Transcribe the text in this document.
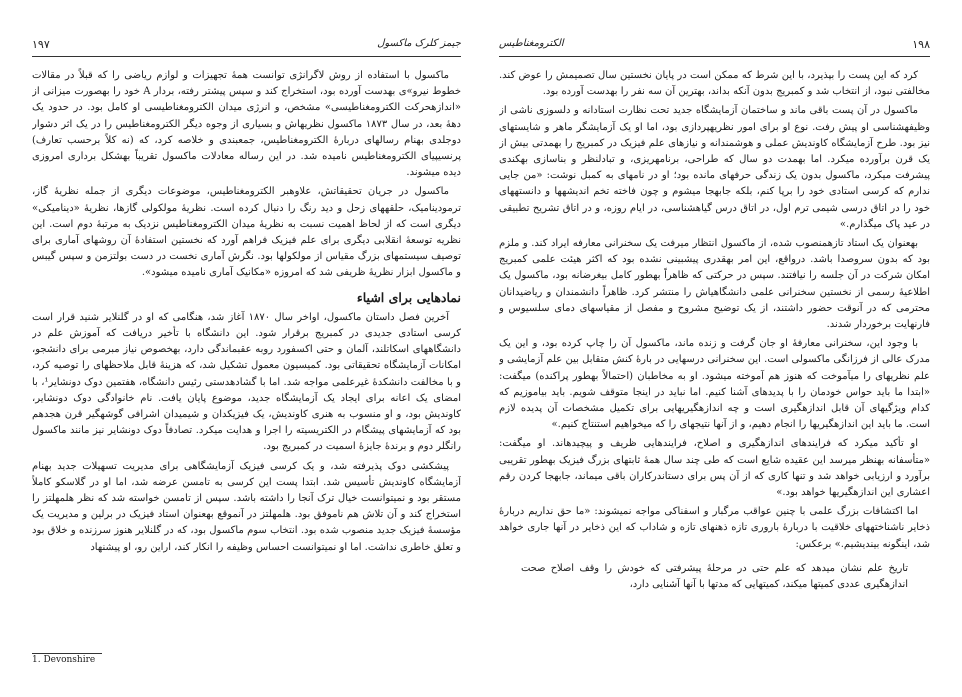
۱۹۷	جیمز کلرک ماکسول

ماکسول با استفاده از روش لاگرانژی توانست همهٔ تجهیزات و لوازم ریاضی را که قبلاً در مقالات خطوط نیرو»ی بهدست آورده بود، استخراج کند و سپس پیشتر رفته، بردار A خود را بهصورت میزانی از «اندازهحرکت الکترومغناطیسی» مشخص، و انرژی میدان الکترومغناطیسی او کامل بود. در حدود یک دههٔ بعد، در سال ۱۸۷۳ ماکسول نظریهاش و بسیاری از وجوه دیگر الکترومغناطیس را در یک اثر دشوار دوجلدی بهنام رسالهای دربارهٔ الکترومغناطیس، جمعبندی و خلاصه کرد، که (نه کلاً برحسب تعارف) پرنسیپیای الکترومغناطیس نامیده شد. در این رساله معادلات ماکسول تقریباً بهشکل برداری امروزی دیده میشوند.

ماکسول در جریان تحقیقاتش، علاوهبر الکترومغناطیس، موضوعات دیگری از جمله نظریهٔ گاز، ترمودینامیک، حلقههای زحل و دید رنگ را دنبال کرده است. نظریهٔ مولکولی گازها، نظریهٔ «دینامیکی» دیگری است که از لحاظ اهمیت نسبت به نظریهٔ میدان الکترومغناطیس نزدیک به مرتبهٔ دوم است. این نظریه توسعهٔ انقلابی دیگری برای علم فیزیک فراهم آورد که نخستین استفادهٔ آن روشهای آماری برای توصیف سیستمهای بزرگ مقیاس از مولکولها بود. نگرش آماری نخست در دست بولتزمن و سپس گیبس و ماکسول ابزار نظریهٔ ظریفی شد که امروزه «مکانیک آماری نامیده میشود».

نمادهایی برای اشیاء

آخرین فصل داستان ماکسول، اواخر سال ۱۸۷۰ آغاز شد، هنگامی که او در گلنلایر شنید قرار است کرسی استادی جدیدی در کمبریج برقرار شود. این دانشگاه با تأخیر دریافت که آموزش علم در دانشگاههای اسکاتلند، آلمان و حتی اکسفورد روبه عقبماندگی دارد، بهخصوص نیاز مبرمی برای دانشجو، امکانات آزمایشگاه تحقیقاتی بود. کمیسیون معمول تشکیل شد، که هزینهٔ قابل ملاحظهای را توصیه کرد، و با مخالفت دانشکدهٔ غیرعلمی مواجه شد. اما با گشادهدستی رئیس دانشگاه، هفتمین دوک دونشایر¹، با امضای یک اعانه برای ایجاد یک آزمایشگاه جدید، موضوع پایان یافت. نام خانوادگی دوک دونشایر، کاوندیش بود، و او منسوب به هنری کاوندیش، یک فیزیکدان و شیمیدان اشرافی گوشهگیر قرن هجدهم بود که آزمایشهای پیشگام در الکتریسیته را اجرا و هدایت میکرد. تصادفاً دوک دونشایر نیز مانند ماکسول رانگلر دوم و برندهٔ جایزهٔ اسمیت در کمبریج بود.

پیشکشی دوک پذیرفته شد، و یک کرسی فیزیک آزمایشگاهی برای مدیریت تسهیلات جدید بهنام آزمایشگاه کاوندیش تأسیس شد. ابتدا پست این کرسی به تامسن عرضه شد، اما او در گلاسکو کاملاً مستقر بود و نمیتوانست خیال ترک آنجا را داشته باشد. سپس از تامسن خواسته شد که نظر هلمهلتز را استخراج کند و آن تلاش هم ناموفق بود. هلمهلتز در آنموقع بهعنوان استاد فیزیک در برلین و مدیریت یک مؤسسهٔ فیزیک جدید منصوب شده بود. انتخاب سوم ماکسول بود، که در گلنلایر هنوز سرزنده و خلاق بود و تعلق خاطری نداشت. اما او نمیتوانست احساس وظیفه را انکار کند، اراین رو، او پیشنهاد

1. Devonshire
الکترومغناطیس	۱۹۸

کرد که این پست را بپذیرد، با این شرط که ممکن است در پایان نخستین سال تصمیمش را عوض کند. مخالفتی نبود، از انتخاب شد و کمبریج بدون آنکه بداند، بهترین آن سه نفر را بهدست آورده بود.

ماکسول در آن پست باقی ماند و ساختمان آزمایشگاه جدید تحت نظارت استادانه و دلسوزی ناشی از وظیفهشناسی او پیش رفت. نوع او برای امور نظریهپردازی بود، اما او یک آزمایشگر ماهر و شایستهای نیز بود. طرح آزمایشگاه کاوندیش عملی و هوشمندانه و نیازهای علم فیزیک در کمبریج را بهمدتی بیش از یک قرن برآورده میکرد. اما بهمدت دو سال که طراحی، برنامهریزی، و تبادلنظر و بناسازی بهکندی پیشرفت میکرد، ماکسول بدون یک زندگی حرفهای مانده بود؛ او در نامهای به کمبل نوشت: «من جایی ندارم که کرسی استادی خود را برپا کنم، بلکه جابهجا میشوم و چون فاخته تخم اندیشهها و دانستههای خود را در اتاق درسی شیمی ترم اول، در اتاق درس گیاهشناسی، در ایام روزه، و در اتاق تشریح تطبیقی در عید پاک میگذارم.»

بهعنوان یک استاد تازهمنصوب شده، از ماکسول انتظار میرفت یک سخنرانی معارفه ایراد کند. و ملزم بود که بدون سروصدا باشد. درواقع، این امر بهقدری پیشبینی نشده بود که اکثر هیئت علمی کمبریج امکان شرکت در آن جلسه را نیافتند. سپس در حرکتی که ظاهراً بهطور کامل بیغرضانه بود، ماکسول یک اطلاعیهٔ رسمی از نخستین سخنرانی علمی دانشگاهیاش را منتشر کرد. ظاهراً دانشمندان و ریاضیدانان محترمی که در آنوقت حضور داشتند، از یک توضیح مشروح و مفصل از مقیاسهای دمای سلسیوس و فارنهایت برخوردار شدند.

با وجود این، سخنرانی معارفهٔ او جان گرفت و زنده ماند، ماکسول آن را چاپ کرده بود، و این یک مدرک عالی از فرزانگی ماکسولی است. این سخنرانی درسهایی در بارهٔ کنش متقابل بین علم آزمایشی و علم نظریهای را میآموخت که هنوز هم آموخته میشود. او به مخاطبان (احتمالاً بهطور پراکنده) میگفت: «ابتدا ما باید حواس خودمان را با پدیدهای آشنا کنیم. اما نباید در اینجا متوقف شویم. باید بیاموزیم که کدام ویژگیهای آن قابل اندازهگیری است و چه اندازهگیریهایی برای تکمیل مشخصات آن پدیده لازم است. ما باید این اندازهگیریها را انجام دهیم، و از آنها نتیجهای را که میخواهیم استنتاج کنیم.»

او تأکید میکرد که فرایندهای اندازهگیری و اصلاح، فرایندهایی ظریف و پیچیدهاند. او میگفت: «متأسفانه بهنظر میرسد این عقیده شایع است که طی چند سال همهٔ ثابتهای بزرگ فیزیک بهطور تقریبی برآورد و ارزیابی خواهد شد و تنها کاری که از آن پس برای دستاندرکاران باقی میماند، جابهجا کردن رقم اعشاری این اندازهگیریها خواهد بود.»

اما اکتشافات بزرگ علمی با چنین عواقب مرگبار و اسفناکی مواجه نمیشوند: «ما حق نداریم دربارهٔ ذخایر ناشناختههای خلاقیت با دربارهٔ باروری تازه ذهنهای تازه و شاداب که این ذخایر در آنها جاری خواهد شد، اینگونه بیندیشیم.» برعکس:

تاریخ علم نشان میدهد که علم حتی در مرحلهٔ پیشرفتی که خودش را وقف اصلاح صحت اندازهگیری عددی کمیتها میکند، کمیتهایی که مدتها با آنها آشنایی دارد،
